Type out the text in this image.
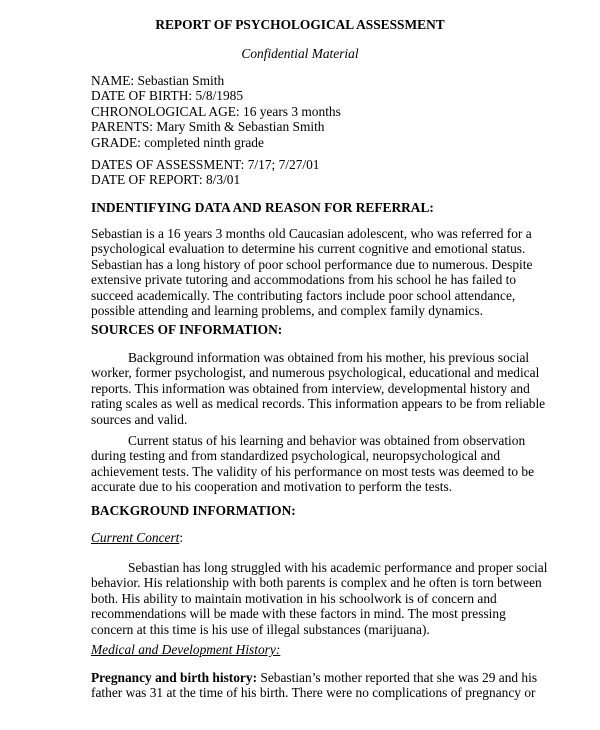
REPORT OF PSYCHOLOGICAL ASSESSMENT
Confidential Material
NAME: Sebastian Smith
DATE OF BIRTH: 5/8/1985
CHRONOLOGICAL AGE: 16 years 3 months
PARENTS: Mary Smith & Sebastian Smith
GRADE: completed ninth grade
DATES OF ASSESSMENT: 7/17; 7/27/01
DATE OF REPORT: 8/3/01
INDENTIFYING DATA AND REASON FOR REFERRAL:
Sebastian is a 16 years 3 months old Caucasian adolescent, who was referred for a
psychological evaluation to determine his current cognitive and emotional status.
Sebastian has a long history of poor school performance due to numerous. Despite
extensive private tutoring and accommodations from his school he has failed to
succeed academically. The contributing factors include poor school attendance,
possible attending and learning problems, and complex family dynamics.
SOURCES OF INFORMATION:
Background information was obtained from his mother, his previous social
worker, former psychologist, and numerous psychological, educational and medical
reports. This information was obtained from interview, developmental history and
rating scales as well as medical records. This information appears to be from reliable
sources and valid.
Current status of his learning and behavior was obtained from observation
during testing and from standardized psychological, neuropsychological and
achievement tests. The validity of his performance on most tests was deemed to be
accurate due to his cooperation and motivation to perform the tests.
BACKGROUND INFORMATION:
Current Concert:
Sebastian has long struggled with his academic performance and proper social
behavior. His relationship with both parents is complex and he often is torn between
both. His ability to maintain motivation in his schoolwork is of concern and
recommendations will be made with these factors in mind. The most pressing
concern at this time is his use of illegal substances (marijuana).
Medical and Development History:
Pregnancy and birth history: Sebastian’s mother reported that she was 29 and his
father was 31 at the time of his birth. There were no complications of pregnancy or
